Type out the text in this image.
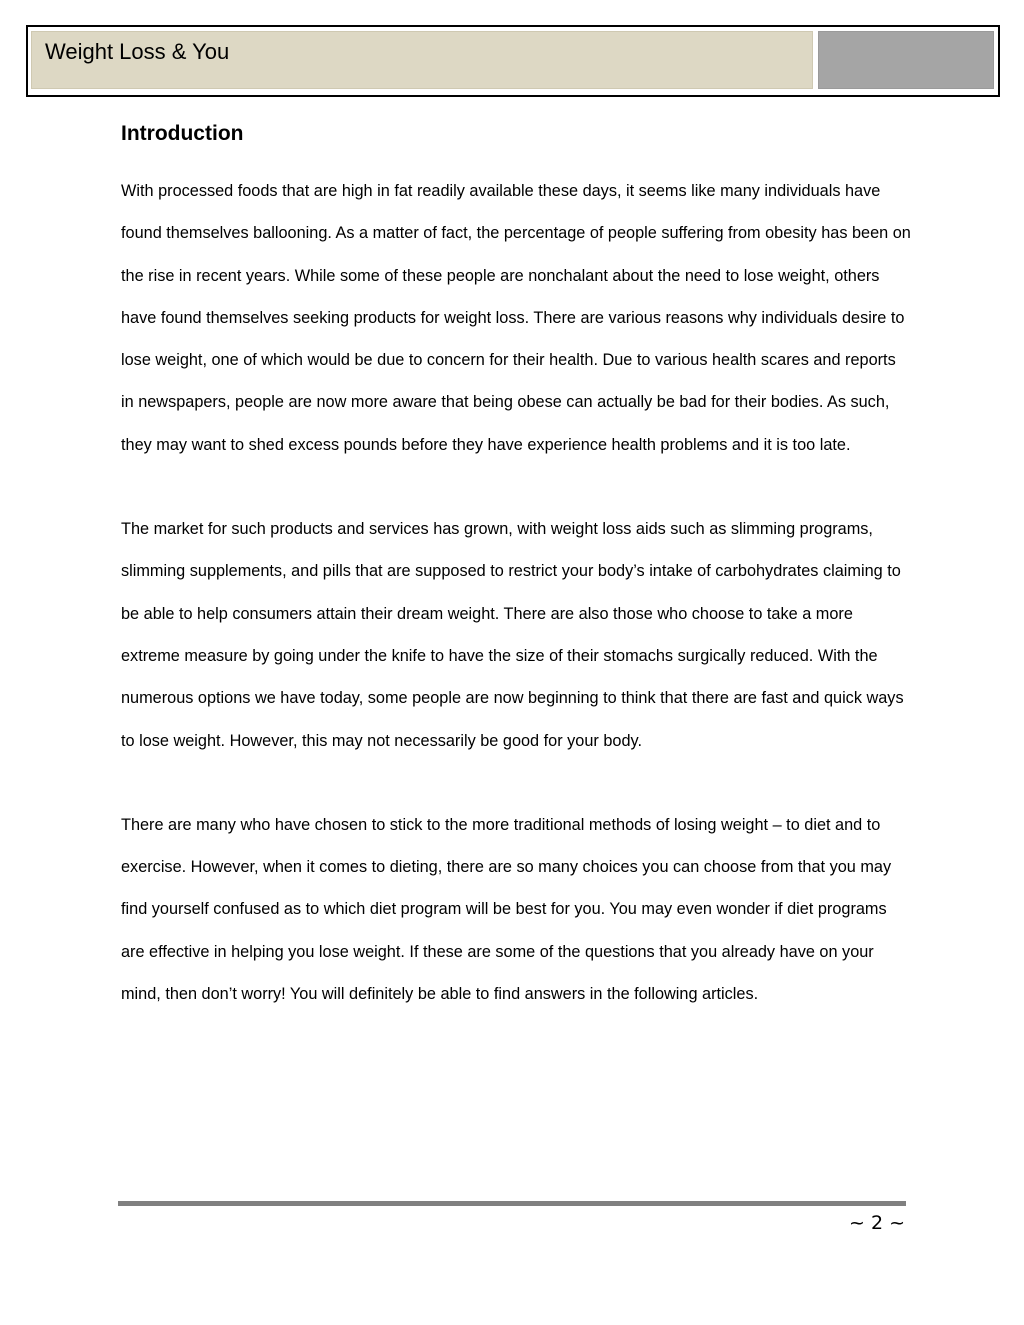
Weight Loss & You
Introduction

With processed foods that are high in fat readily available these days, it seems like many individuals have found themselves ballooning. As a matter of fact, the percentage of people suffering from obesity has been on the rise in recent years. While some of these people are nonchalant about the need to lose weight, others have found themselves seeking products for weight loss. There are various reasons why individuals desire to lose weight, one of which would be due to concern for their health. Due to various health scares and reports in newspapers, people are now more aware that being obese can actually be bad for their bodies. As such, they may want to shed excess pounds before they have experience health problems and it is too late.

The market for such products and services has grown, with weight loss aids such as slimming programs, slimming supplements, and pills that are supposed to restrict your body’s intake of carbohydrates claiming to be able to help consumers attain their dream weight. There are also those who choose to take a more extreme measure by going under the knife to have the size of their stomachs surgically reduced. With the numerous options we have today, some people are now beginning to think that there are fast and quick ways to lose weight. However, this may not necessarily be good for your body.

There are many who have chosen to stick to the more traditional methods of losing weight – to diet and to exercise. However, when it comes to dieting, there are so many choices you can choose from that you may find yourself confused as to which diet program will be best for you. You may even wonder if diet programs are effective in helping you lose weight. If these are some of the questions that you already have on your mind, then don’t worry! You will definitely be able to find answers in the following articles.

~ 2 ~
